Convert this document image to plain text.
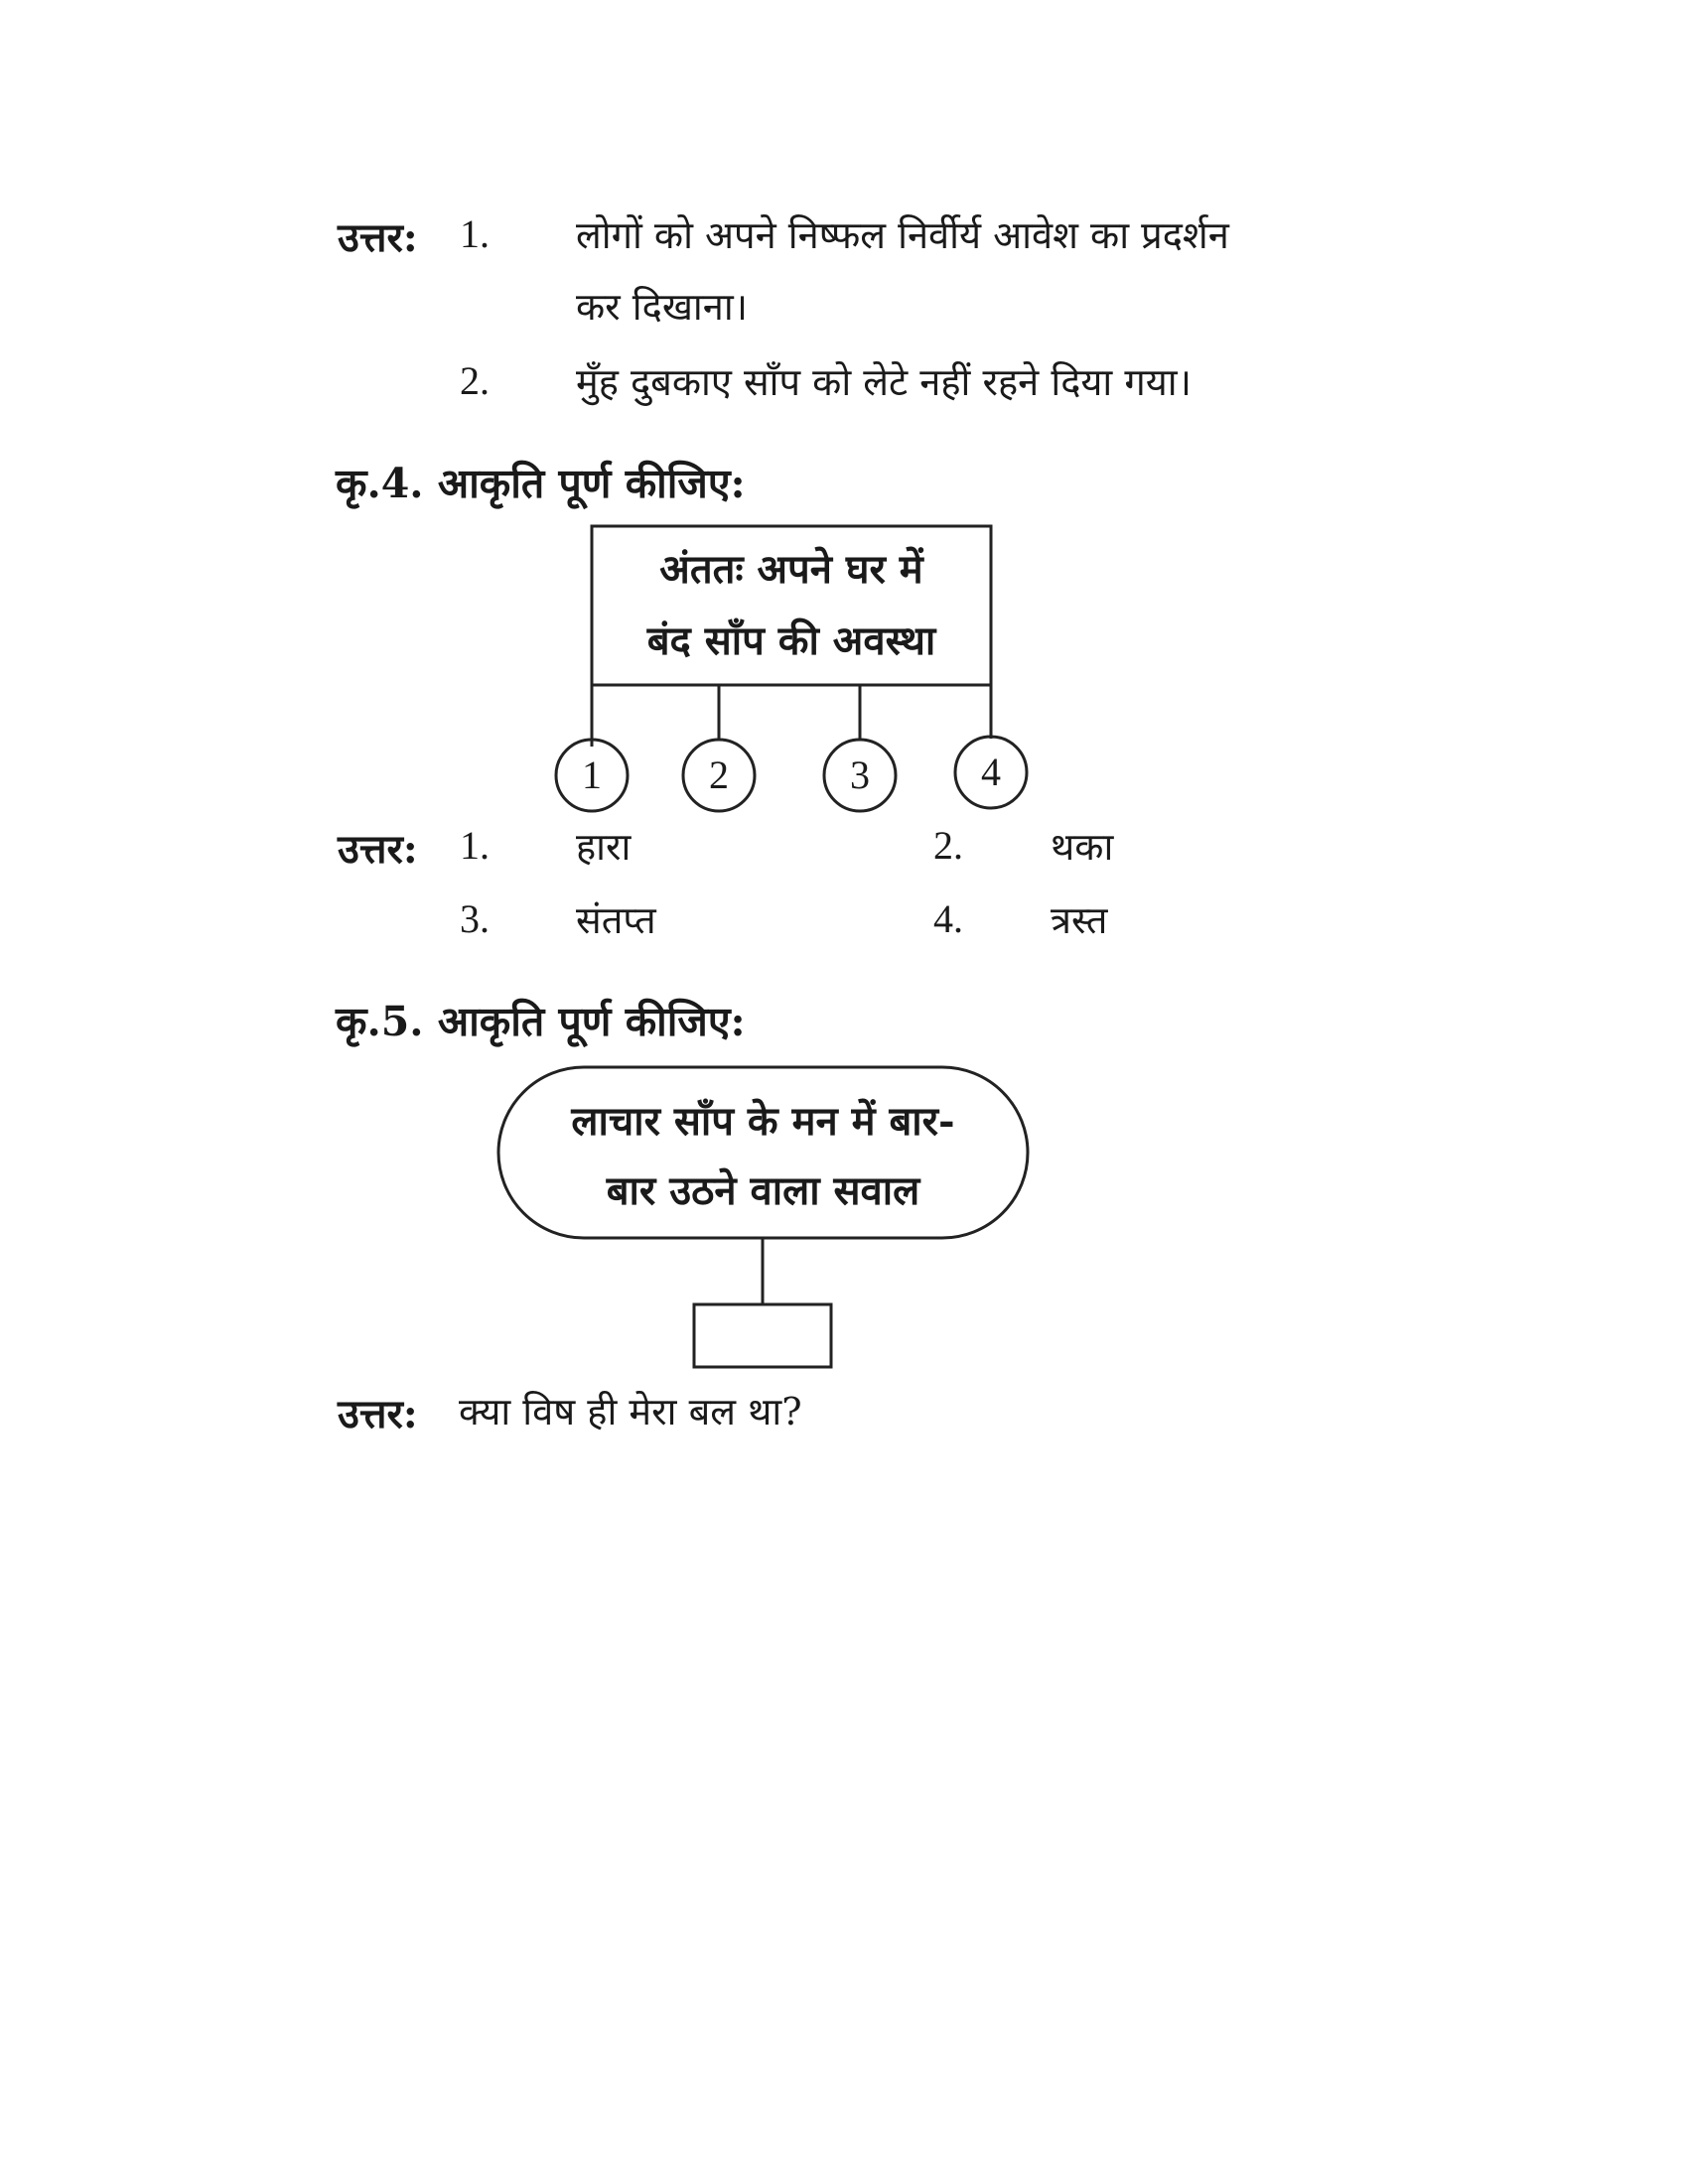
उत्तर: 1. लोगों को अपने निष्फल निर्वीर्य आवेश का प्रदर्शन
कर दिखाना।
2. मुँह दुबकाए साँप को लेटे नहीं रहने दिया गया।
कृ.4. आकृति पूर्ण कीजिए:
अंततः अपने घर में
बंद साँप की अवस्था
1	2	3	4
उत्तर: 1. हारा	2. थका
3. संतप्त	4. त्रस्त
कृ.5. आकृति पूर्ण कीजिए:
लाचार साँप के मन में बार-
बार उठने वाला सवाल
उत्तर: क्या विष ही मेरा बल था?
